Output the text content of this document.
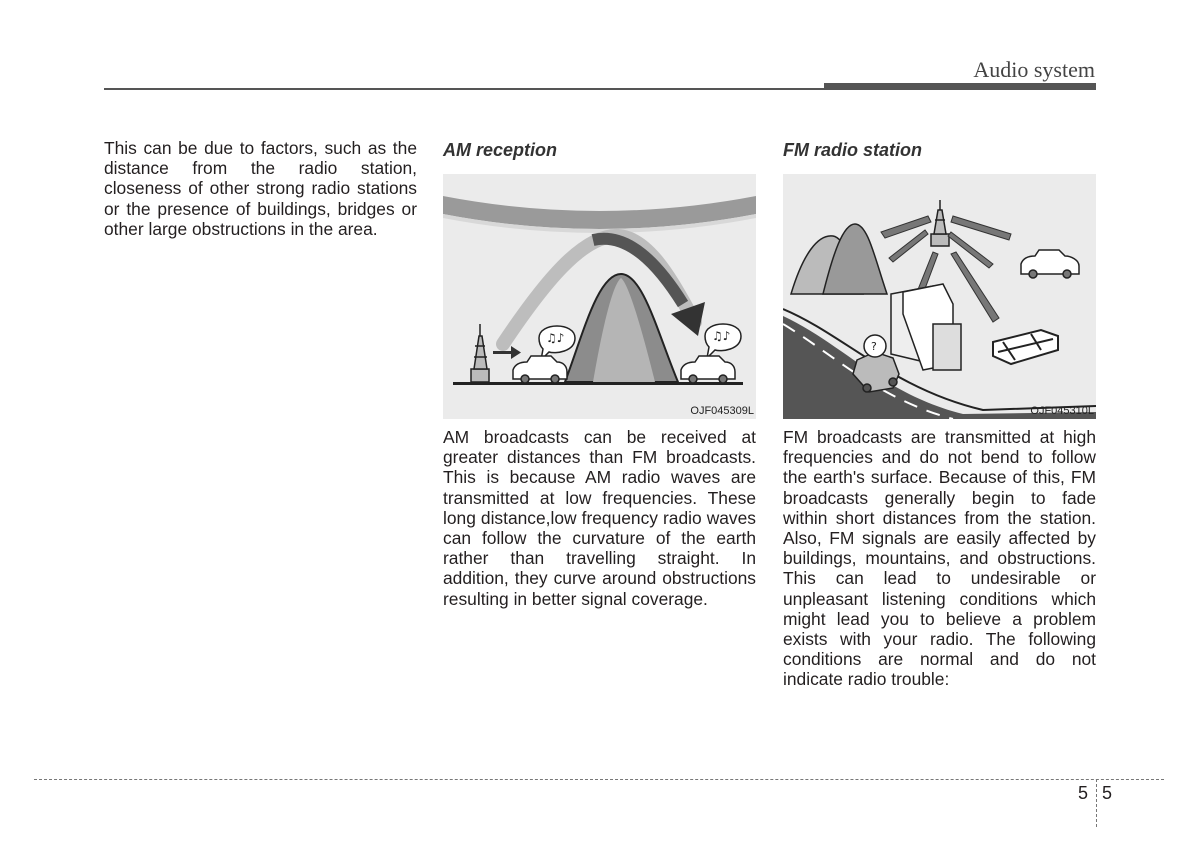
Audio system

This can be due to factors, such as the distance from the radio station, closeness of other strong radio stations or the presence of buildings, bridges or other large obstructions in the area.

AM reception
♫♪	♫♪
OJF045309L

AM broadcasts can be received at greater distances than FM broadcasts. This is because AM radio waves are transmitted at low frequencies. These long distance,low frequency radio waves can follow the curvature of the earth rather than travelling straight. In addition, they curve around obstructions resulting in better signal coverage.

FM radio station
?
OJF045310L

FM broadcasts are transmitted at high frequencies and do not bend to follow the earth's surface. Because of this, FM broadcasts generally begin to fade within short distances from the station. Also, FM signals are easily affected by buildings, mountains, and obstructions. This can lead to undesirable or unpleasant listening conditions which might lead you to believe a problem exists with your radio. The following conditions are normal and do not indicate radio trouble:

5 5
